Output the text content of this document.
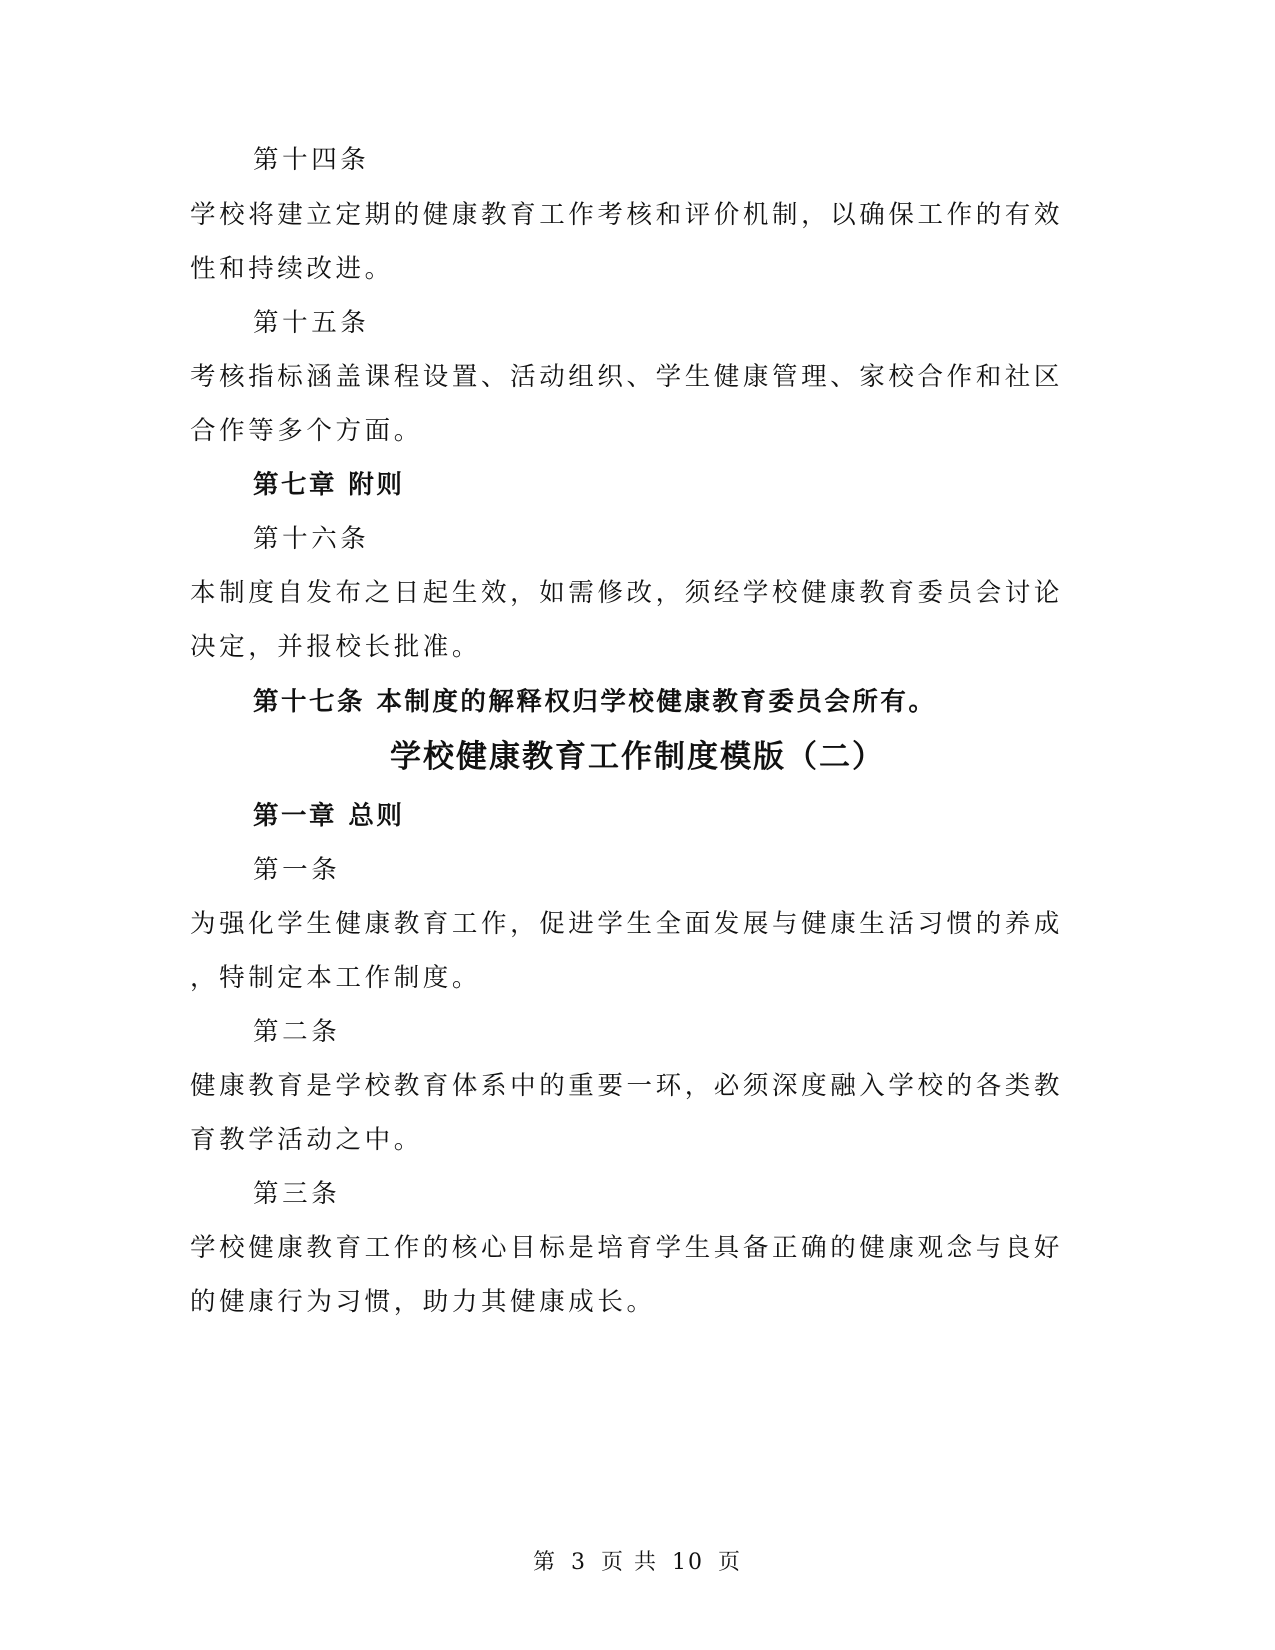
第十四条
学校将建立定期的健康教育工作考核和评价机制，以确保工作的有效
性和持续改进。
第十五条
考核指标涵盖课程设置、活动组织、学生健康管理、家校合作和社区
合作等多个方面。
第七章 附则
第十六条
本制度自发布之日起生效，如需修改，须经学校健康教育委员会讨论
决定，并报校长批准。
第十七条 本制度的解释权归学校健康教育委员会所有。
学校健康教育工作制度模版（二）
第一章 总则
第一条
为强化学生健康教育工作，促进学生全面发展与健康生活习惯的养成
，特制定本工作制度。
第二条
健康教育是学校教育体系中的重要一环，必须深度融入学校的各类教
育教学活动之中。
第三条
学校健康教育工作的核心目标是培育学生具备正确的健康观念与良好
的健康行为习惯，助力其健康成长。
第 3 页 共 10 页
